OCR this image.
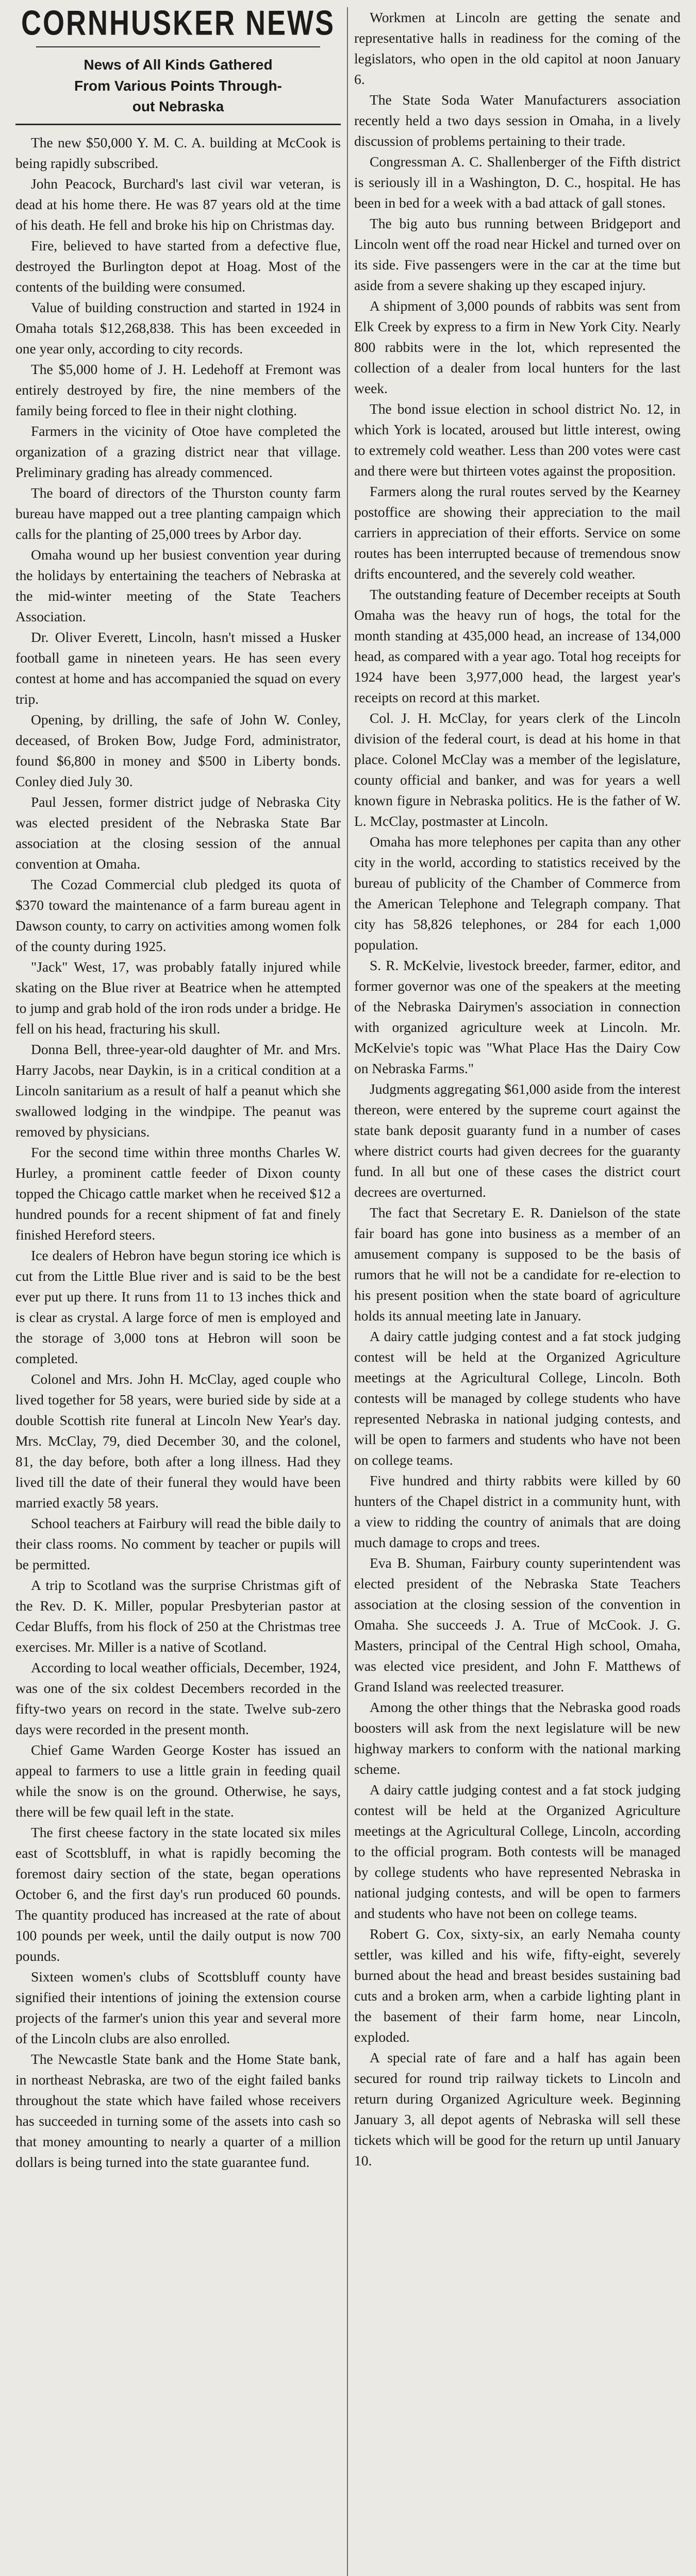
CORNHUSKER NEWS
News of All Kinds Gathered
From Various Points Through-
out Nebraska

The new $50,000 Y. M. C. A. building at McCook is being rapidly subscribed.

John Peacock, Burchard's last civil war veteran, is dead at his home there. He was 87 years old at the time of his death. He fell and broke his hip on Christmas day.

Fire, believed to have started from a defective flue, destroyed the Burlington depot at Hoag. Most of the contents of the building were consumed.

Value of building construction and started in 1924 in Omaha totals $12,268,838. This has been exceeded in one year only, according to city records.

The $5,000 home of J. H. Ledehoff at Fremont was entirely destroyed by fire, the nine members of the family being forced to flee in their night clothing.

Farmers in the vicinity of Otoe have completed the organization of a grazing district near that village. Preliminary grading has already commenced.

The board of directors of the Thurston county farm bureau have mapped out a tree planting campaign which calls for the planting of 25,000 trees by Arbor day.

Omaha wound up her busiest convention year during the holidays by entertaining the teachers of Nebraska at the mid-winter meeting of the State Teachers Association.

Dr. Oliver Everett, Lincoln, hasn't missed a Husker football game in nineteen years. He has seen every contest at home and has accompanied the squad on every trip.

Opening, by drilling, the safe of John W. Conley, deceased, of Broken Bow, Judge Ford, administrator, found $6,800 in money and $500 in Liberty bonds. Conley died July 30.

Paul Jessen, former district judge of Nebraska City was elected president of the Nebraska State Bar association at the closing session of the annual convention at Omaha.

The Cozad Commercial club pledged its quota of $370 toward the maintenance of a farm bureau agent in Dawson county, to carry on activities among women folk of the county during 1925.

"Jack" West, 17, was probably fatally injured while skating on the Blue river at Beatrice when he attempted to jump and grab hold of the iron rods under a bridge. He fell on his head, fracturing his skull.

Donna Bell, three-year-old daughter of Mr. and Mrs. Harry Jacobs, near Daykin, is in a critical condition at a Lincoln sanitarium as a result of half a peanut which she swallowed lodging in the windpipe. The peanut was removed by physicians.

For the second time within three months Charles W. Hurley, a prominent cattle feeder of Dixon county topped the Chicago cattle market when he received $12 a hundred pounds for a recent shipment of fat and finely finished Hereford steers.

Ice dealers of Hebron have begun storing ice which is cut from the Little Blue river and is said to be the best ever put up there. It runs from 11 to 13 inches thick and is clear as crystal. A large force of men is employed and the storage of 3,000 tons at Hebron will soon be completed.

Colonel and Mrs. John H. McClay, aged couple who lived together for 58 years, were buried side by side at a double Scottish rite funeral at Lincoln New Year's day. Mrs. McClay, 79, died December 30, and the colonel, 81, the day before, both after a long illness. Had they lived till the date of their funeral they would have been married exactly 58 years.

School teachers at Fairbury will read the bible daily to their class rooms. No comment by teacher or pupils will be permitted.

A trip to Scotland was the surprise Christmas gift of the Rev. D. K. Miller, popular Presbyterian pastor at Cedar Bluffs, from his flock of 250 at the Christmas tree exercises. Mr. Miller is a native of Scotland.

According to local weather officials, December, 1924, was one of the six coldest Decembers recorded in the fifty-two years on record in the state. Twelve sub-zero days were recorded in the present month.

Chief Game Warden George Koster has issued an appeal to farmers to use a little grain in feeding quail while the snow is on the ground. Otherwise, he says, there will be few quail left in the state.

The first cheese factory in the state located six miles east of Scottsbluff, in what is rapidly becoming the foremost dairy section of the state, began operations October 6, and the first day's run produced 60 pounds. The quantity produced has increased at the rate of about 100 pounds per week, until the daily output is now 700 pounds.

Sixteen women's clubs of Scottsbluff county have signified their intentions of joining the extension course projects of the farmer's union this year and several more of the Lincoln clubs are also enrolled.

The Newcastle State bank and the Home State bank, in northeast Nebraska, are two of the eight failed banks throughout the state which have failed whose receivers has succeeded in turning some of the assets into cash so that money amounting to nearly a quarter of a million dollars is being turned into the state guarantee fund.

Workmen at Lincoln are getting the senate and representative halls in readiness for the coming of the legislators, who open in the old capitol at noon January 6.

The State Soda Water Manufacturers association recently held a two days session in Omaha, in a lively discussion of problems pertaining to their trade.

Congressman A. C. Shallenberger of the Fifth district is seriously ill in a Washington, D. C., hospital. He has been in bed for a week with a bad attack of gall stones.

The big auto bus running between Bridgeport and Lincoln went off the road near Hickel and turned over on its side. Five passengers were in the car at the time but aside from a severe shaking up they escaped injury.

A shipment of 3,000 pounds of rabbits was sent from Elk Creek by express to a firm in New York City. Nearly 800 rabbits were in the lot, which represented the collection of a dealer from local hunters for the last week.

The bond issue election in school district No. 12, in which York is located, aroused but little interest, owing to extremely cold weather. Less than 200 votes were cast and there were but thirteen votes against the proposition.

Farmers along the rural routes served by the Kearney postoffice are showing their appreciation to the mail carriers in appreciation of their efforts. Service on some routes has been interrupted because of tremendous snow drifts encountered, and the severely cold weather.

The outstanding feature of December receipts at South Omaha was the heavy run of hogs, the total for the month standing at 435,000 head, an increase of 134,000 head, as compared with a year ago. Total hog receipts for 1924 have been 3,977,000 head, the largest year's receipts on record at this market.

Col. J. H. McClay, for years clerk of the Lincoln division of the federal court, is dead at his home in that place. Colonel McClay was a member of the legislature, county official and banker, and was for years a well known figure in Nebraska politics. He is the father of W. L. McClay, postmaster at Lincoln.

Omaha has more telephones per capita than any other city in the world, according to statistics received by the bureau of publicity of the Chamber of Commerce from the American Telephone and Telegraph company. That city has 58,826 telephones, or 284 for each 1,000 population.

S. R. McKelvie, livestock breeder, farmer, editor, and former governor was one of the speakers at the meeting of the Nebraska Dairymen's association in connection with organized agriculture week at Lincoln. Mr. McKelvie's topic was "What Place Has the Dairy Cow on Nebraska Farms."

Judgments aggregating $61,000 aside from the interest thereon, were entered by the supreme court against the state bank deposit guaranty fund in a number of cases where district courts had given decrees for the guaranty fund. In all but one of these cases the district court decrees are overturned.

The fact that Secretary E. R. Danielson of the state fair board has gone into business as a member of an amusement company is supposed to be the basis of rumors that he will not be a candidate for re-election to his present position when the state board of agriculture holds its annual meeting late in January.

A dairy cattle judging contest and a fat stock judging contest will be held at the Organized Agriculture meetings at the Agricultural College, Lincoln. Both contests will be managed by college students who have represented Nebraska in national judging contests, and will be open to farmers and students who have not been on college teams.

Five hundred and thirty rabbits were killed by 60 hunters of the Chapel district in a community hunt, with a view to ridding the country of animals that are doing much damage to crops and trees.

Eva B. Shuman, Fairbury county superintendent was elected president of the Nebraska State Teachers association at the closing session of the convention in Omaha. She succeeds J. A. True of McCook. J. G. Masters, principal of the Central High school, Omaha, was elected vice president, and John F. Matthews of Grand Island was reelected treasurer.

Among the other things that the Nebraska good roads boosters will ask from the next legislature will be new highway markers to conform with the national marking scheme.

A dairy cattle judging contest and a fat stock judging contest will be held at the Organized Agriculture meetings at the Agricultural College, Lincoln, according to the official program. Both contests will be managed by college students who have represented Nebraska in national judging contests, and will be open to farmers and students who have not been on college teams.

Robert G. Cox, sixty-six, an early Nemaha county settler, was killed and his wife, fifty-eight, severely burned about the head and breast besides sustaining bad cuts and a broken arm, when a carbide lighting plant in the basement of their farm home, near Lincoln, exploded.

A special rate of fare and a half has again been secured for round trip railway tickets to Lincoln and return during Organized Agriculture week. Beginning January 3, all depot agents of Nebraska will sell these tickets which will be good for the return up until January 10.
